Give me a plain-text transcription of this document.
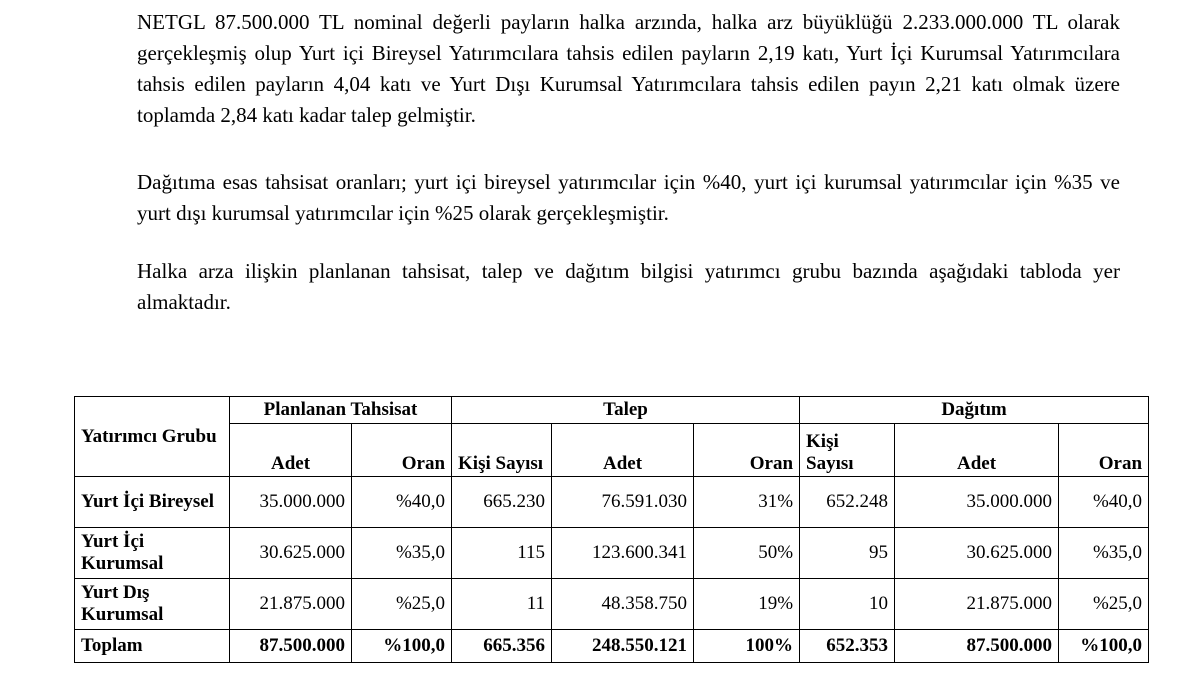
NETGL 87.500.000 TL nominal değerli payların halka arzında, halka arz büyüklüğü 2.233.000.000 TL olarak gerçekleşmiş olup Yurt içi Bireysel Yatırımcılara tahsis edilen payların 2,19 katı, Yurt İçi Kurumsal Yatırımcılara tahsis edilen payların 4,04 katı ve Yurt Dışı Kurumsal Yatırımcılara tahsis edilen payın 2,21 katı olmak üzere toplamda 2,84 katı kadar talep gelmiştir.

Dağıtıma esas tahsisat oranları; yurt içi bireysel yatırımcılar için %40, yurt içi kurumsal yatırımcılar için %35 ve yurt dışı kurumsal yatırımcılar için %25 olarak gerçekleşmiştir.

Halka arza ilişkin planlanan tahsisat, talep ve dağıtım bilgisi yatırımcı grubu bazında aşağıdaki tabloda yer almaktadır.

Yatırımcı Grubu	Planlanan Tahsisat		Talep			Dağıtım		
	Adet	Oran	Kişi Sayısı	Adet	Oran	Kişi Sayısı	Adet	Oran
Yurt İçi Bireysel	35.000.000	%40,0	665.230	76.591.030	31%	652.248	35.000.000	%40,0
Yurt İçi Kurumsal	30.625.000	%35,0	115	123.600.341	50%	95	30.625.000	%35,0
Yurt Dış Kurumsal	21.875.000	%25,0	11	48.358.750	19%	10	21.875.000	%25,0
Toplam	87.500.000	%100,0	665.356	248.550.121	100%	652.353	87.500.000	%100,0
